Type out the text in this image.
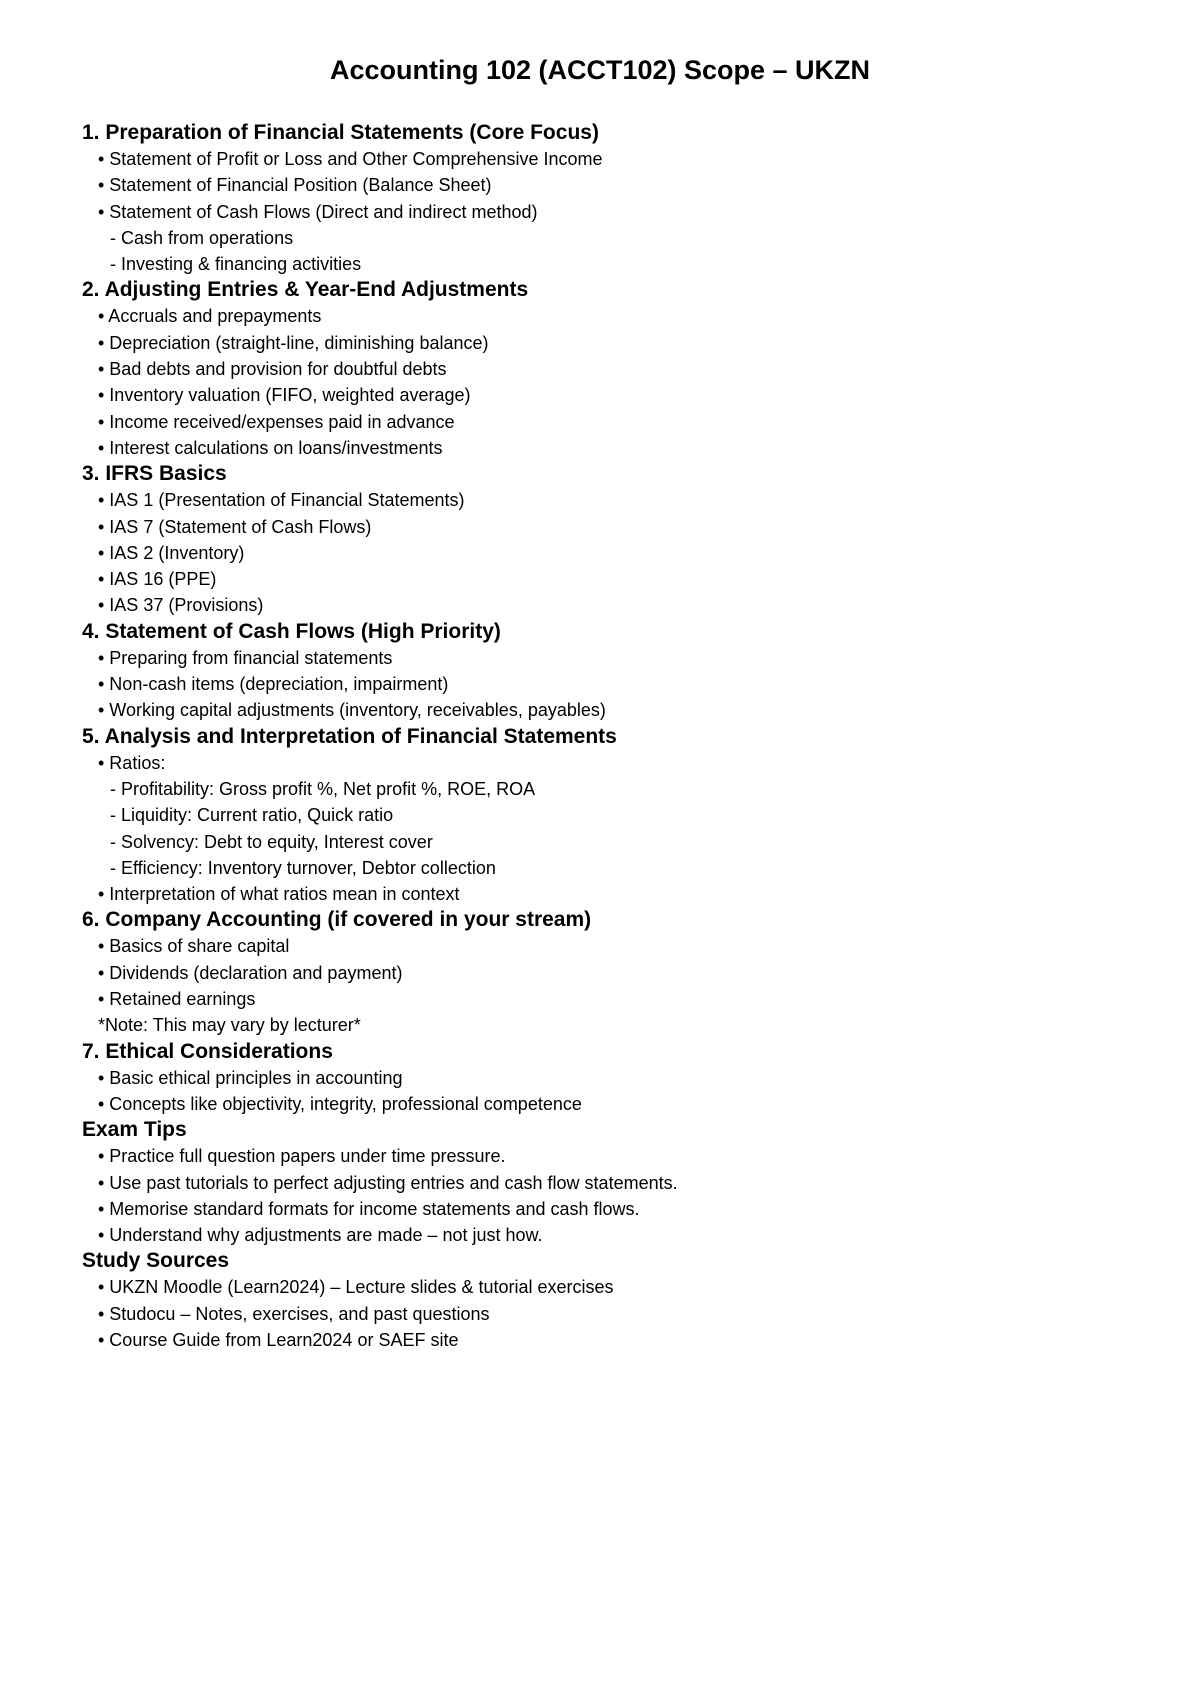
Accounting 102 (ACCT102) Scope – UKZN
1. Preparation of Financial Statements (Core Focus)
• Statement of Profit or Loss and Other Comprehensive Income
• Statement of Financial Position (Balance Sheet)
• Statement of Cash Flows (Direct and indirect method)
- Cash from operations
- Investing & financing activities
2. Adjusting Entries & Year-End Adjustments
• Accruals and prepayments
• Depreciation (straight-line, diminishing balance)
• Bad debts and provision for doubtful debts
• Inventory valuation (FIFO, weighted average)
• Income received/expenses paid in advance
• Interest calculations on loans/investments
3. IFRS Basics
• IAS 1 (Presentation of Financial Statements)
• IAS 7 (Statement of Cash Flows)
• IAS 2 (Inventory)
• IAS 16 (PPE)
• IAS 37 (Provisions)
4. Statement of Cash Flows (High Priority)
• Preparing from financial statements
• Non-cash items (depreciation, impairment)
• Working capital adjustments (inventory, receivables, payables)
5. Analysis and Interpretation of Financial Statements
• Ratios:
- Profitability: Gross profit %, Net profit %, ROE, ROA
- Liquidity: Current ratio, Quick ratio
- Solvency: Debt to equity, Interest cover
- Efficiency: Inventory turnover, Debtor collection
• Interpretation of what ratios mean in context
6. Company Accounting (if covered in your stream)
• Basics of share capital
• Dividends (declaration and payment)
• Retained earnings
*Note: This may vary by lecturer*
7. Ethical Considerations
• Basic ethical principles in accounting
• Concepts like objectivity, integrity, professional competence
Exam Tips
• Practice full question papers under time pressure.
• Use past tutorials to perfect adjusting entries and cash flow statements.
• Memorise standard formats for income statements and cash flows.
• Understand why adjustments are made – not just how.
Study Sources
• UKZN Moodle (Learn2024) – Lecture slides & tutorial exercises
• Studocu – Notes, exercises, and past questions
• Course Guide from Learn2024 or SAEF site
